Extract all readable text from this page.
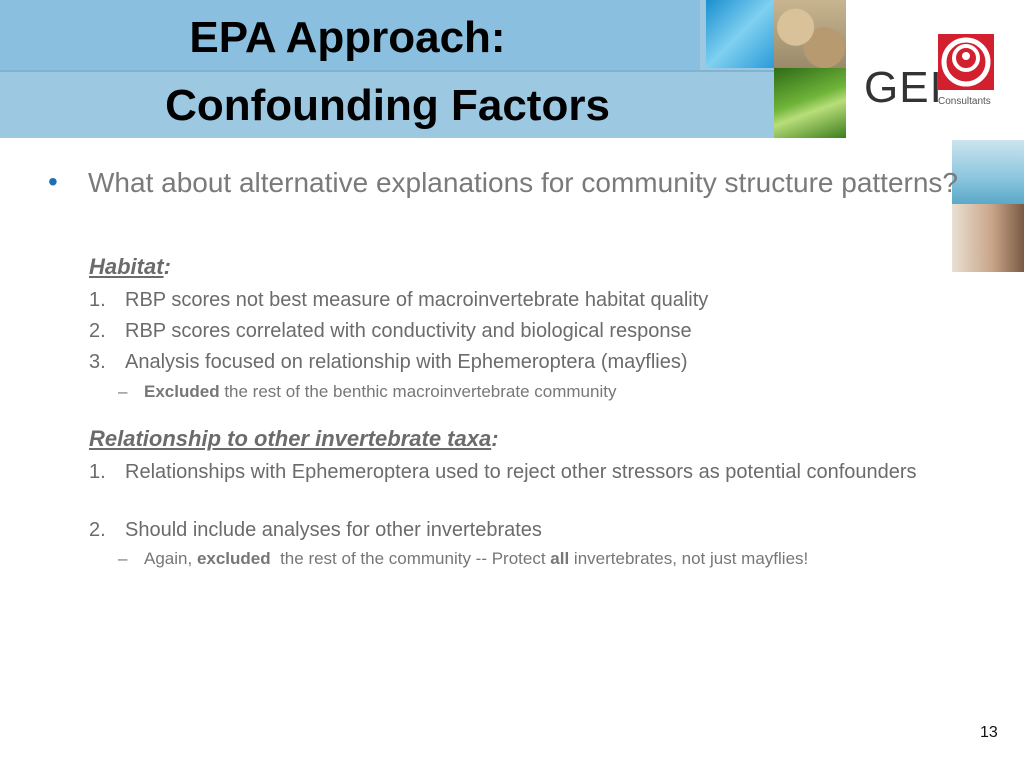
EPA Approach:
Confounding Factors	GEI
Consultants
• What about alternative explanations for community structure patterns?
Habitat:
1. RBP scores not best measure of macroinvertebrate habitat quality
2. RBP scores correlated with conductivity and biological response
3. Analysis focused on relationship with Ephemeroptera (mayflies)
– Excluded the rest of the benthic macroinvertebrate community
Relationship to other invertebrate taxa:
1. Relationships with Ephemeroptera used to reject other stressors as potential confounders
2. Should include analyses for other invertebrates
– Again, excluded  the rest of the community -- Protect all invertebrates, not just mayflies!
13
